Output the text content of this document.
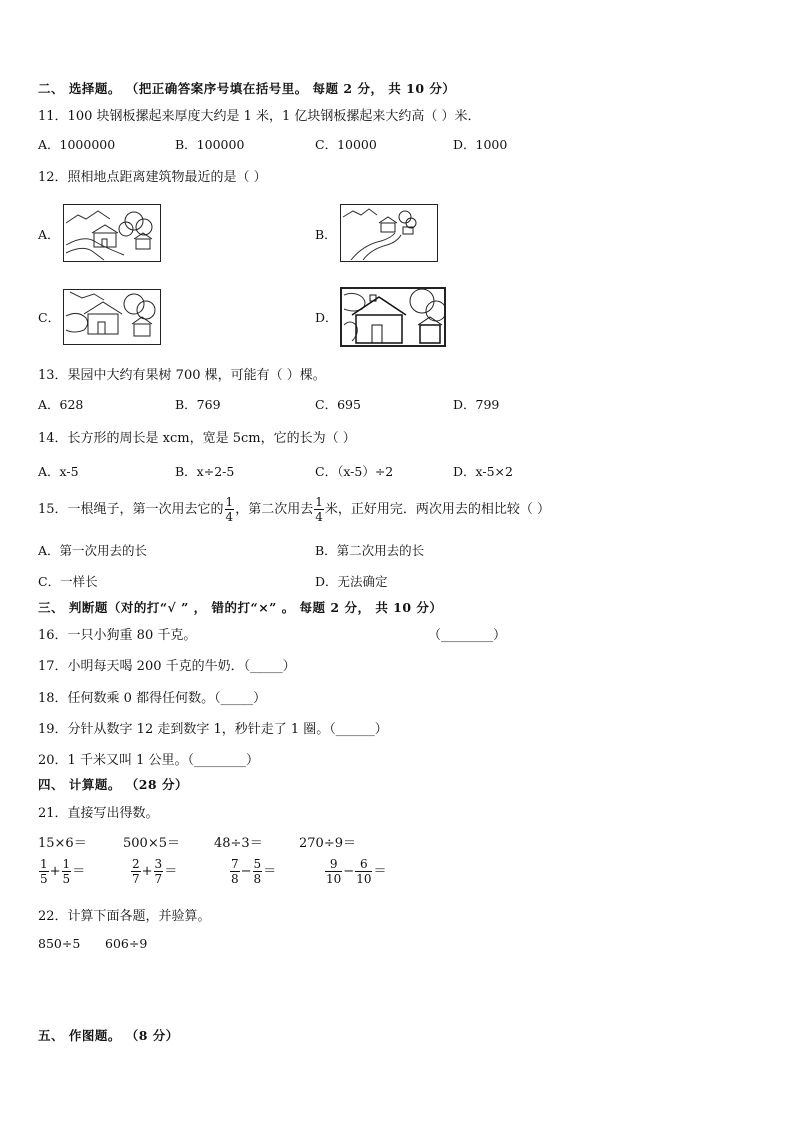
二、 选择题。 （把正确答案序号填在括号里。 每题 2 分， 共 10 分）
11．100 块钢板摞起来厚度大约是 1 米，1 亿块钢板摞起来大约高（ ）米．
A．1000000	B．100000	C．10000	D．1000
12．照相地点距离建筑物最近的是（ ）
A．	B．
C．	D．
13．果园中大约有果树 700 棵，可能有（ ）棵。
A．628	B．769	C．695	D．799
14．长方形的周长是 xcm，宽是 5cm，它的长为（ ）
A．x-5	B．x÷2-5	C．（x-5）÷2	D．x-5×2
15．一根绳子，第一次用去它的 $\frac{1}{4}$ ，第二次用去 $\frac{1}{4}$ 米，正好用完．两次用去的相比较（ ）
A．第一次用去的长	B．第二次用去的长
C．一样长	D．无法确定
三、 判断题（对的打“√ ” ， 错的打“×” 。 每题 2 分， 共 10 分）
16．一只小狗重 80 千克。	（________）
17．小明每天喝 200 千克的牛奶．（_____）
18．任何数乘 0 都得任何数。（_____）
19．分针从数字 12 走到数字 1，秒针走了 1 圈。（______）
20．1 千米又叫 1 公里。（________）
四、 计算题。 （28 分）
21．直接写出得数。
15×6＝	500×5＝	48÷3＝	270÷9＝
$\frac{1}{5} + \frac{1}{5}$ ＝	$\frac{2}{7} + \frac{3}{7}$ ＝	$\frac{7}{8} - \frac{5}{8}$ ＝	$\frac{9}{10} - \frac{6}{10}$ ＝
22．计算下面各题，并验算。
850÷5 606÷9
五、 作图题。 （8 分）
